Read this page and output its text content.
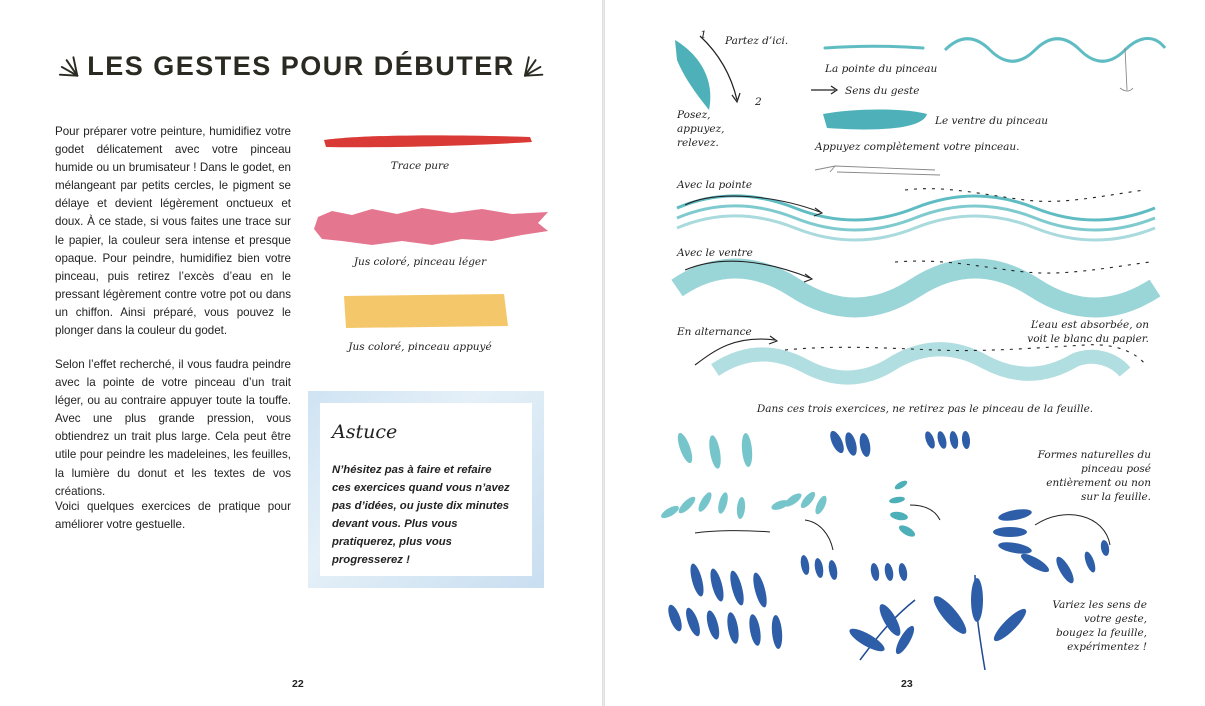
LES GESTES POUR DÉBUTER

Pour préparer votre peinture, humidifiez votre godet délicatement avec votre pinceau humide ou un brumisateur ! Dans le godet, en mélangeant par petits cercles, le pigment se délaye et devient légèrement onctueux et doux. À ce stade, si vous faites une trace sur le papier, la couleur sera intense et presque opaque. Pour peindre, humidifiez bien votre pinceau, puis retirez l’excès d’eau en le pressant légèrement contre votre pot ou dans un chiffon. Ainsi préparé, vous pouvez le plonger dans la couleur du godet.

Selon l’effet recherché, il vous faudra peindre avec la pointe de votre pinceau d’un trait léger, ou au contraire appuyer toute la touffe. Avec une plus grande pression, vous obtiendrez un trait plus large. Cela peut être utile pour peindre les madeleines, les feuilles, la lumière du donut et les textes de vos créations.

Voici quelques exercices de pratique pour améliorer votre gestuelle.

Trace pure
Jus coloré, pinceau léger
Jus coloré, pinceau appuyé
Astuce

N’hésitez pas à faire et refaire ces exercices quand vous n’avez pas d’idées, ou juste dix minutes devant vous. Plus vous pratiquerez, plus vous progresserez !

22
Partez d’ici.
Posez, appuyez, relevez.
1
2
La pointe du pinceau
Sens du geste
Le ventre du pinceau
Appuyez complètement votre pinceau.
Avec la pointe
Avec le ventre
En alternance
L’eau est absorbée, on voit le blanc du papier.
Dans ces trois exercices, ne retirez pas le pinceau de la feuille.
Formes naturelles du pinceau posé entièrement ou non sur la feuille.
Variez les sens de votre geste, bougez la feuille, expérimentez !
23
